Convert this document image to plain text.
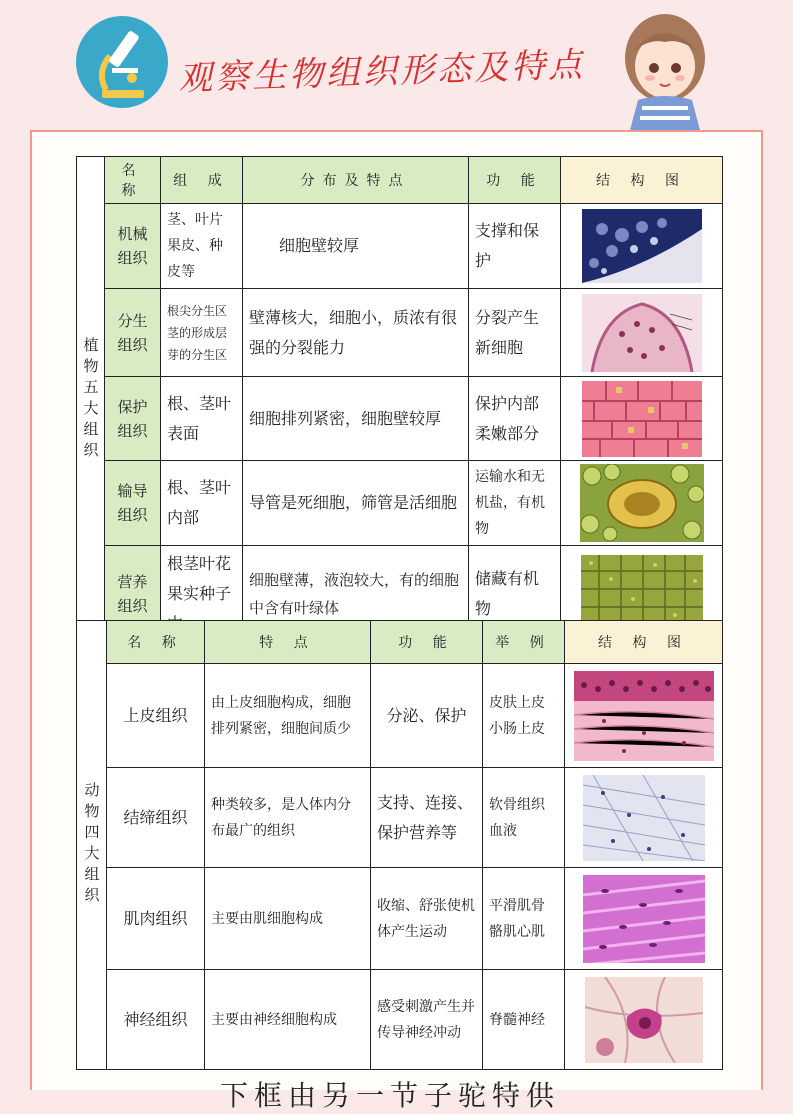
观察生物组织形态及特点
植物五大组织	名称	组 成	分布及特点	功 能	结 构 图
	机械组织	茎、叶片果皮、种皮等	细胞壁较厚	支撑和保护	

	分生组织	根尖分生区茎的形成层芽的分生区	壁薄核大，细胞小，质浓有很强的分裂能力	分裂产生新细胞	

	保护组织	根、茎叶表面	细胞排列紧密，细胞壁较厚	保护内部柔嫩部分	

	输导组织	根、茎叶内部	导管是死细胞，筛管是活细胞	运输水和无机盐，有机物	

	营养组织	根茎叶花果实种子	细胞壁薄，液泡较大，有的细胞中含有叶绿体	储藏有机物	
动物四大组织	名 称	特 点	功 能	举 例	结 构 图
	上皮组织	由上皮细胞构成，细胞排列紧密，细胞间质少	分泌、保护	皮肤上皮小肠上皮	

	结缔组织	种类较多，是人体内分布最广的组织	支持、连接、保护营养等	软骨组织血液	

	肌肉组织	主要由肌细胞构成	收缩、舒张使机体产生运动	平滑肌骨骼肌心肌	

	神经组织	主要由神经细胞构成	感受刺激产生并传导神经冲动	脊髓神经	
下框由另一节子驼特供
